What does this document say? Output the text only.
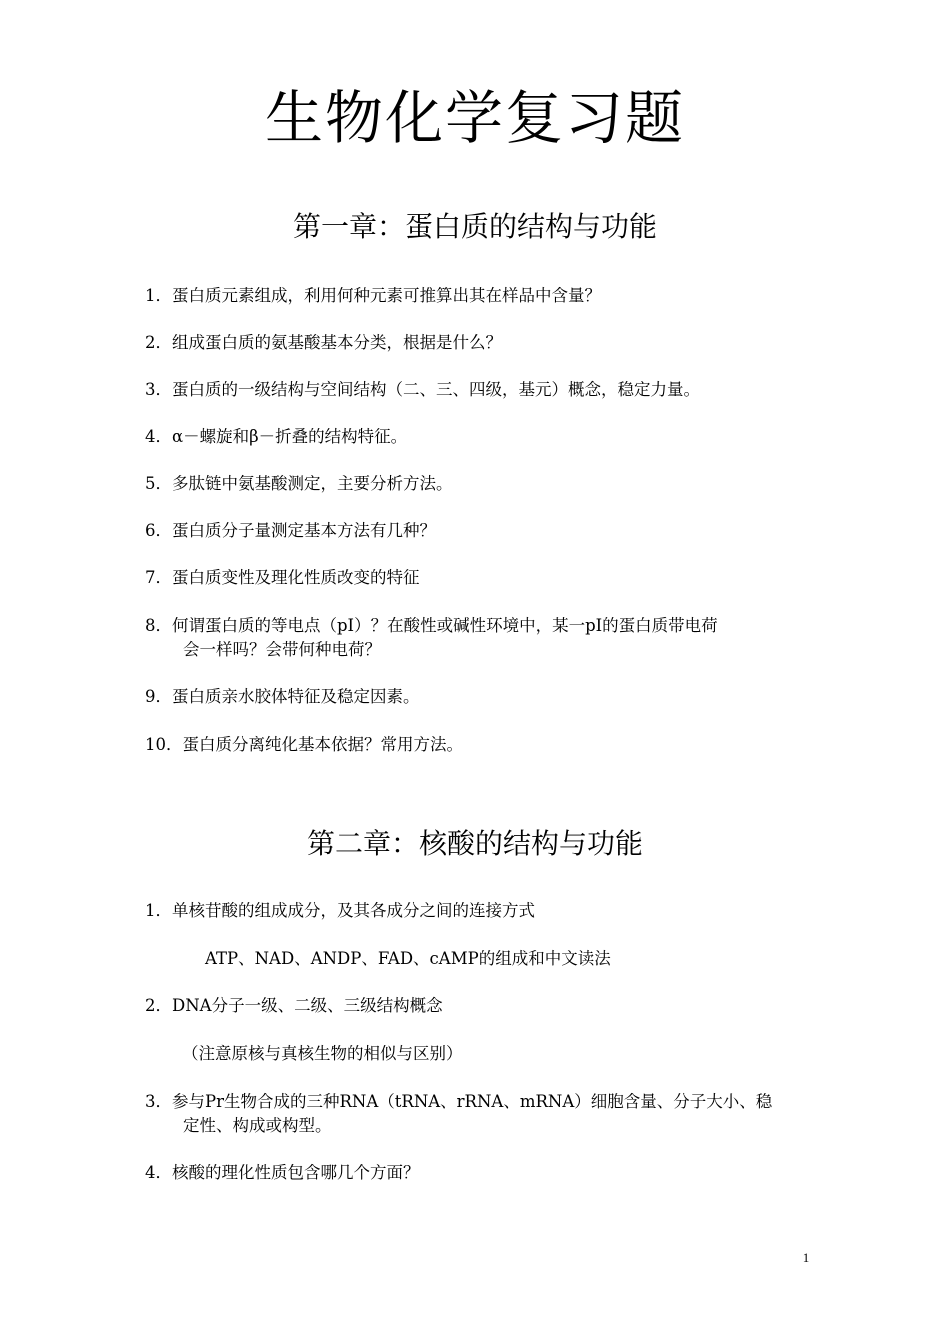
生物化学复习题
第一章：蛋白质的结构与功能
1．蛋白质元素组成，利用何种元素可推算出其在样品中含量？
2．组成蛋白质的氨基酸基本分类，根据是什么？
3．蛋白质的一级结构与空间结构（二、三、四级，基元）概念，稳定力量。
4．α－螺旋和β－折叠的结构特征。
5．多肽链中氨基酸测定，主要分析方法。
6．蛋白质分子量测定基本方法有几种？
7．蛋白质变性及理化性质改变的特征
8．何谓蛋白质的等电点（pI）？在酸性或碱性环境中，某一pI的蛋白质带电荷
会一样吗？会带何种电荷？
9．蛋白质亲水胶体特征及稳定因素。
10．蛋白质分离纯化基本依据？常用方法。
第二章：核酸的结构与功能
1．单核苷酸的组成成分，及其各成分之间的连接方式
ATP、NAD、ANDP、FAD、cAMP的组成和中文读法
2．DNA分子一级、二级、三级结构概念
（注意原核与真核生物的相似与区别）
3．参与Pr生物合成的三种RNA（tRNA、rRNA、mRNA）细胞含量、分子大小、稳
定性、构成或构型。
4．核酸的理化性质包含哪几个方面？
1
